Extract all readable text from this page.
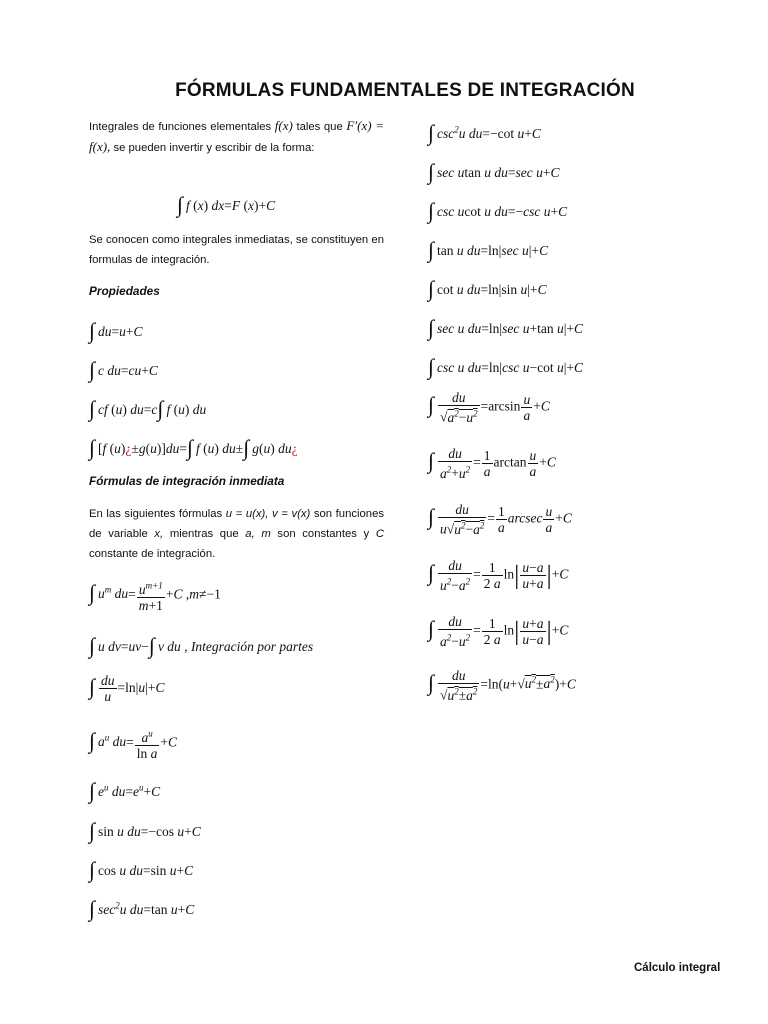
FÓRMULAS FUNDAMENTALES DE INTEGRACIÓN
Integrales de funciones elementales f(x) tales que F′(x) = f(x), se pueden invertir y escribir de la forma:
∫ f (x) dx=F (x)+C
Se conocen como integrales inmediatas, se constituyen en formulas de integración.
Propiedades
∫ du=u+C
∫ c du=cu+C
∫ cf (u) du=c∫ f (u) du
∫ [f (u)¿±g(u)]du=∫ f (u) du±∫ g(u) du¿
Fórmulas de integración inmediata
En las siguientes fórmulas u = u(x), v = v(x) son funciones de variable x, mientras que a, m son constantes y C constante de integración.
∫ $u^m$ $du= \frac{u^{m+1}}{m+1} +C$ ,m≠−1
∫ u dv=uv−∫ v du , Integración por partes
∫ $\frac{du}{u} =\ln|u|+C$
∫ $a^u$ $du= \frac{a^u}{\text{ln a}} +C$
∫ $e^u$ $du=e^u+C$
∫ sin u du=−cos u+C
∫ cos u du=sin u+C
∫ $\sec^2u$ du=tan u+C
∫ $\csc^2u$ du=−cot u+C
∫ sec utan u du=sec u+C
∫ csc ucot u du=−csc u+C
∫ tan u du=ln|sec u|+C
∫ cot u du=ln|sin u|+C
∫ sec u du=ln|sec u+tan u|+C
∫ csc u du=ln|csc u−cot u|+C
∫ $\frac{du}{√a^2-u^2} =\arcsin \frac{u}{a} +C$
∫ $\frac{du}{a^2+u^2} = \frac{1}{a}$ $\arctan \frac{u}{a} +C$
∫ $\frac{du}{u√u^2-a^2} = \frac{1}{a}$ arcsec $\frac{u}{a} +C$
∫ $\frac{du}{u^2-a^2} = \frac{1}{2 a} \ln| \frac{u-a}{u+a} |+C$
∫ $\frac{du}{a^2-u^2} = \frac{1}{2 a} \ln| \frac{u+a}{u-a} |+C$
∫ $\frac{du}{√u^2\pm a^2} =\ln(u+√u^2\pm a^2)+C$
Cálculo integral
